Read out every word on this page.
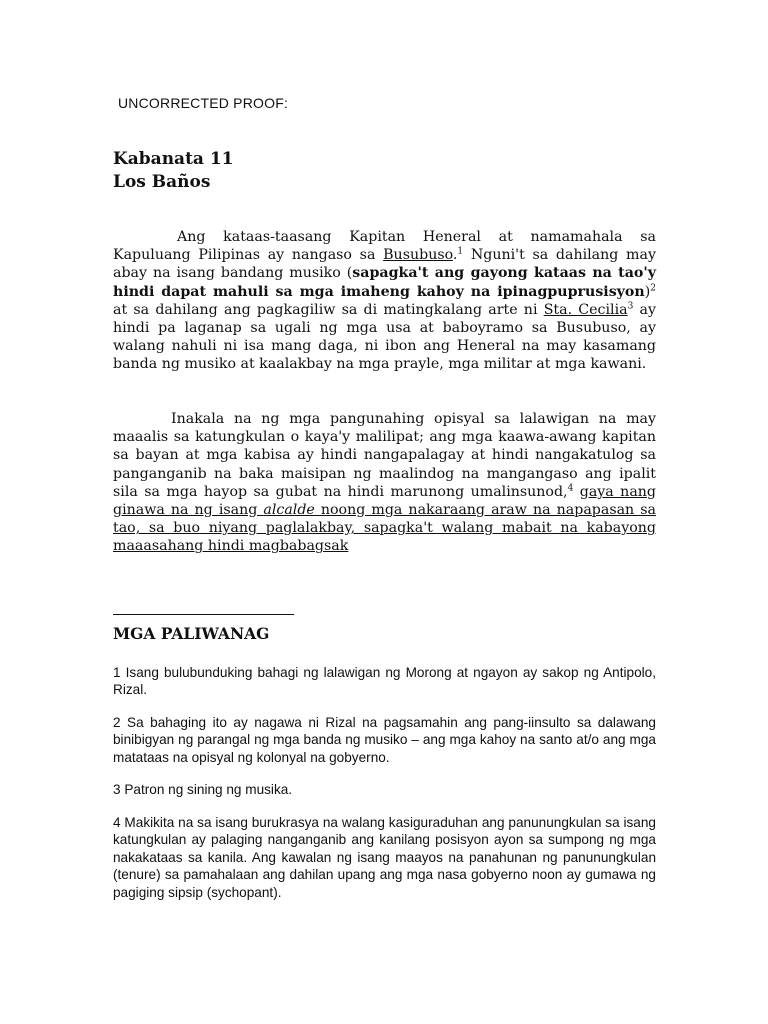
UNCORRECTED PROOF:
Kabanata 11
Los Baños
Ang kataas-taasang Kapitan Heneral at namamahala sa Kapuluang Pilipinas ay nangaso sa Busubuso.$^1$ Nguni't sa dahilang may abay na isang bandang musiko (sapagka't ang gayong kataas na tao'y hindi dapat mahuli sa mga imaheng kahoy na ipinagpuprusisyon)$^2$ at sa dahilang ang pagkagiliw sa di matingkalang arte ni Sta. Cecilia$^3$ ay hindi pa laganap sa ugali ng mga usa at baboyramo sa Busubuso, ay walang nahuli ni isa mang daga, ni ibon ang Heneral na may kasamang banda ng musiko at kaalakbay na mga prayle, mga militar at mga kawani.
Inakala na ng mga pangunahing opisyal sa lalawigan na may maaalis sa katungkulan o kaya'y malilipat; ang mga kaawa-awang kapitan sa bayan at mga kabisa ay hindi nangapalagay at hindi nangakatulog sa panganganib na baka maisipan ng maalindog na mangangaso ang ipalit sila sa mga hayop sa gubat na hindi marunong umalinsunod,$^4$ gaya nang ginawa na ng isang alcalde noong mga nakaraang araw na napapasan sa tao, sa buo niyang paglalakbay, sapagka't walang mabait na kabayong maaasahang hindi magbabagsak
MGA PALIWANAG
1 Isang bulubunduking bahagi ng lalawigan ng Morong at ngayon ay sakop ng Antipolo, Rizal.
2 Sa bahaging ito ay nagawa ni Rizal na pagsamahin ang pang-iinsulto sa dalawang binibigyan ng parangal ng mga banda ng musiko – ang mga kahoy na santo at/o ang mga matataas na opisyal ng kolonyal na gobyerno.
3 Patron ng sining ng musika.
4 Makikita na sa isang burukrasya na walang kasiguraduhan ang panunungkulan sa isang katungkulan ay palaging nanganganib ang kanilang posisyon ayon sa sumpong ng mga nakakataas sa kanila. Ang kawalan ng isang maayos na panahunan ng panunungkulan (tenure) sa pamahalaan ang dahilan upang ang mga nasa gobyerno noon ay gumawa ng pagiging sipsip (sychopant).
